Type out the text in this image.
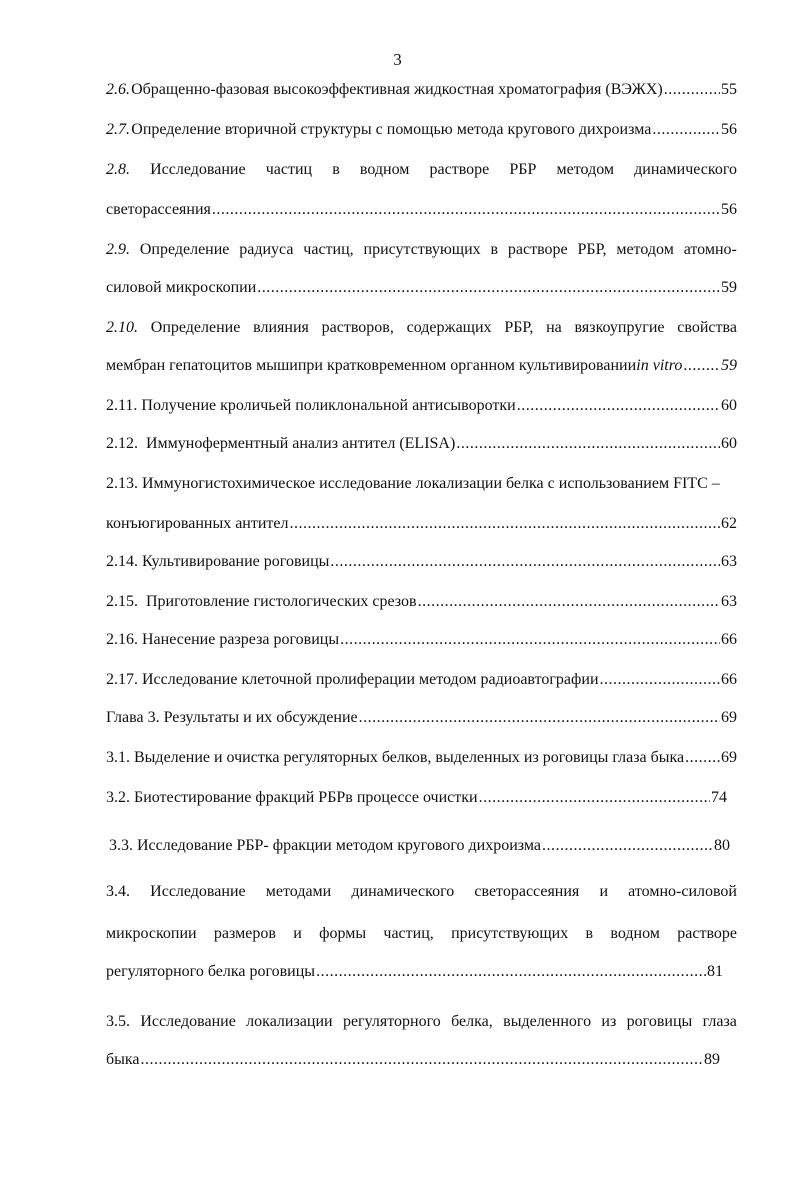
3
2.6. Обращенно-фазовая высокоэффективная жидкостная хроматография (ВЭЖХ) .....	55
2.7. Определение вторичной структуры с помощью метода кругового дихроизма .....	56
2.8. Исследование частиц в водном растворе РБР методом динамического
светорассеяния .....	56
2.9. Определение радиуса частиц, присутствующих в растворе РБР, методом атомно-
силовой микроскопии .....	59
2.10. Определение влияния растворов, содержащих РБР, на вязкоупругие свойства
мембран гепатоцитов мышипри кратковременном органном культивировании in vitro ..... 59
2.11. Получение кроличьей поликлональной антисыворотки .....	60
2.12.  Иммуноферментный анализ антител (ELISA) .....	60
2.13. Иммуногистохимическое исследование локализации белка с использованием FITC –
конъюгированных антител .....	62
2.14. Культивирование роговицы .....	63
2.15.  Приготовление гистологических срезов .....	63
2.16. Нанесение разреза роговицы .....	66
2.17. Исследование клеточной пролиферации методом радиоавтографии .....	66
Глава 3. Результаты и их обсуждение .....	69
3.1. Выделение и очистка регуляторных белков, выделенных из роговицы глаза быка ..... 69
3.2. Биотестирование фракций РБРв процессе очистки .....	74
3.3. Исследование РБР- фракции методом кругового дихроизма .....	80
3.4. Исследование методами динамического светорассеяния и атомно-силовой
микроскопии размеров и формы частиц, присутствующих в водном растворе
регуляторного белка роговицы .....	81
3.5. Исследование локализации регуляторного белка, выделенного из роговицы глаза
быка .....	89
